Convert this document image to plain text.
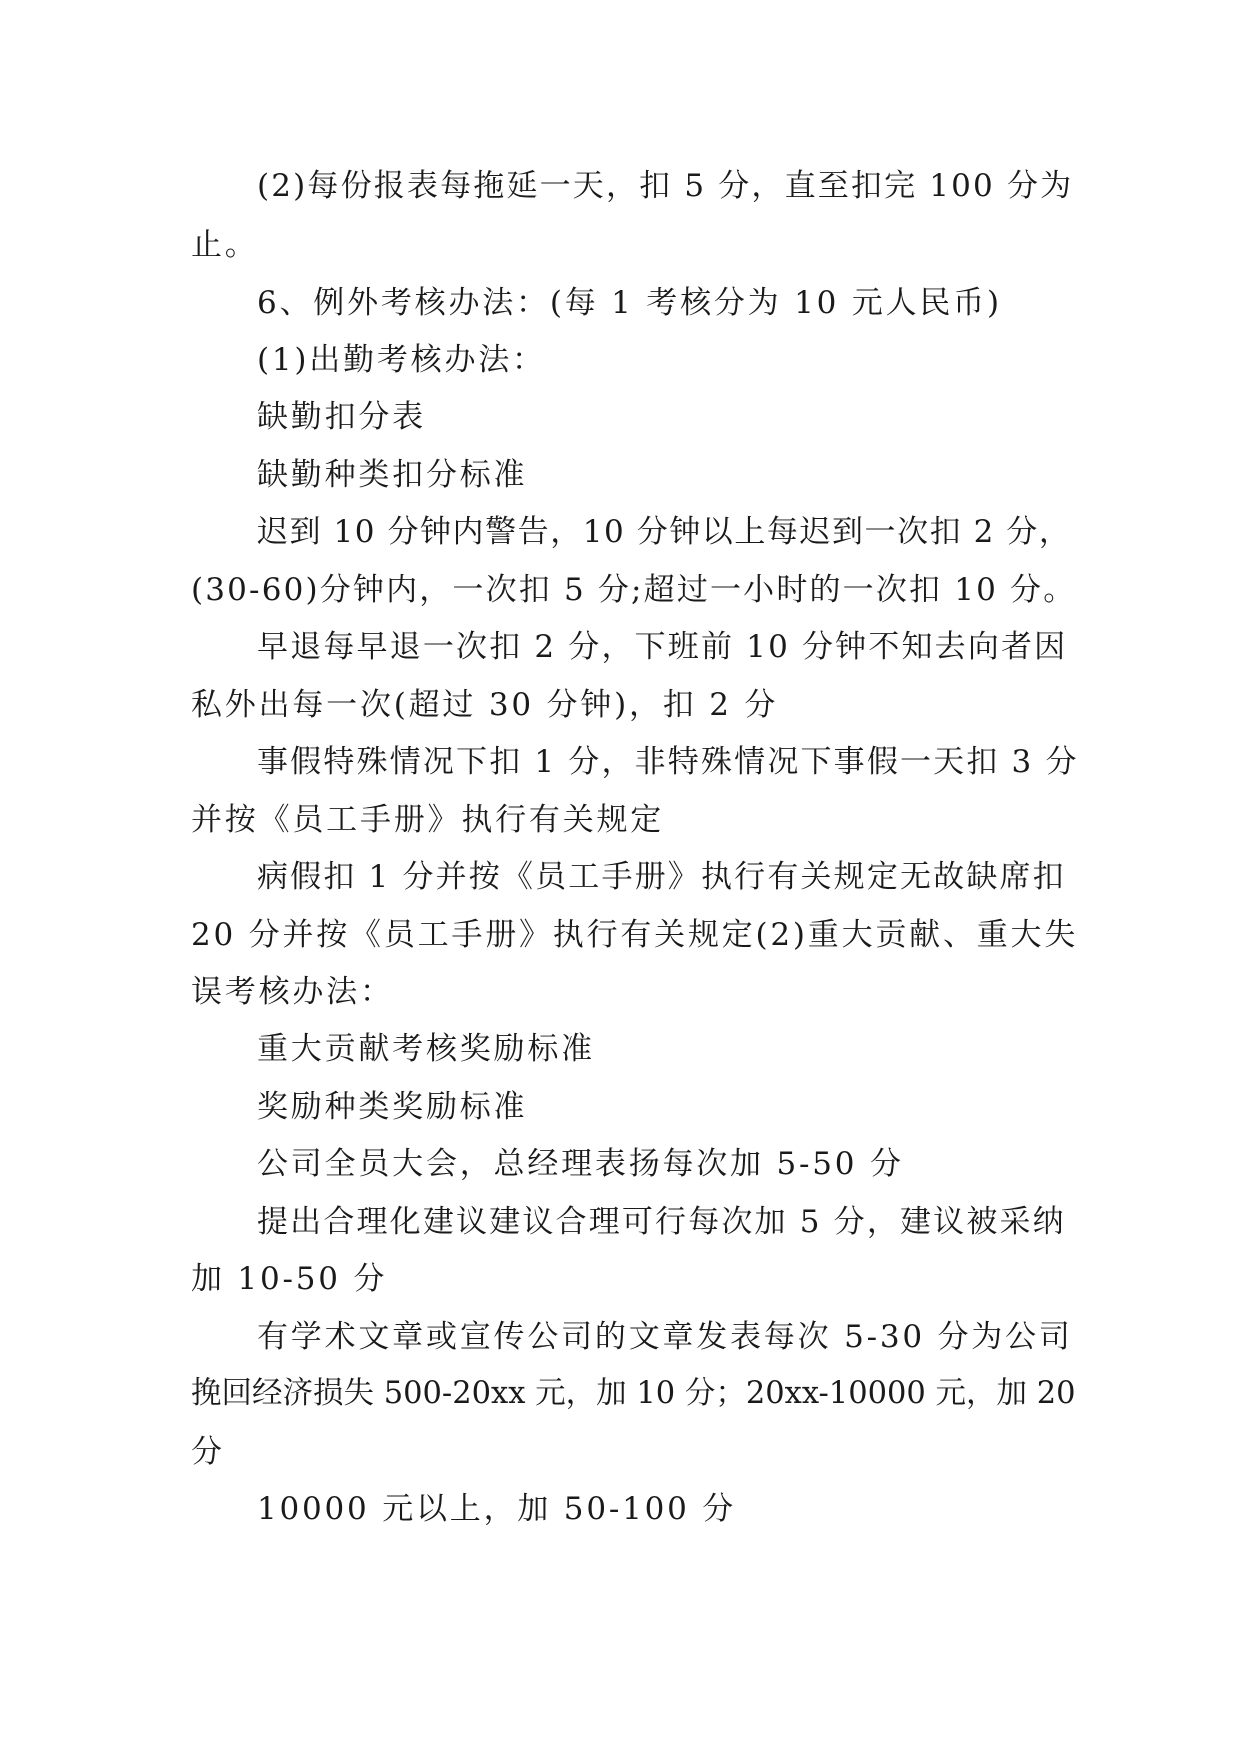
(2)每份报表每拖延一天，扣 5 分，直至扣完 100 分为

止。

6、例外考核办法：(每 1 考核分为 10 元人民币)

(1)出勤考核办法：

缺勤扣分表

缺勤种类扣分标准

迟到 10 分钟内警告，10 分钟以上每迟到一次扣 2 分，

(30-60)分钟内，一次扣 5 分;超过一小时的一次扣 10 分。

早退每早退一次扣 2 分，下班前 10 分钟不知去向者因

私外出每一次(超过 30 分钟)，扣 2 分

事假特殊情况下扣 1 分，非特殊情况下事假一天扣 3 分

并按《员工手册》执行有关规定

病假扣 1 分并按《员工手册》执行有关规定无故缺席扣

20 分并按《员工手册》执行有关规定(2)重大贡献、重大失

误考核办法：

重大贡献考核奖励标准

奖励种类奖励标准

公司全员大会，总经理表扬每次加 5-50 分

提出合理化建议建议合理可行每次加 5 分，建议被采纳

加 10-50 分

有学术文章或宣传公司的文章发表每次 5-30 分为公司

挽回经济损失 500-20xx 元，加 10 分；20xx-10000 元，加 20

分

10000 元以上，加 50-100 分
